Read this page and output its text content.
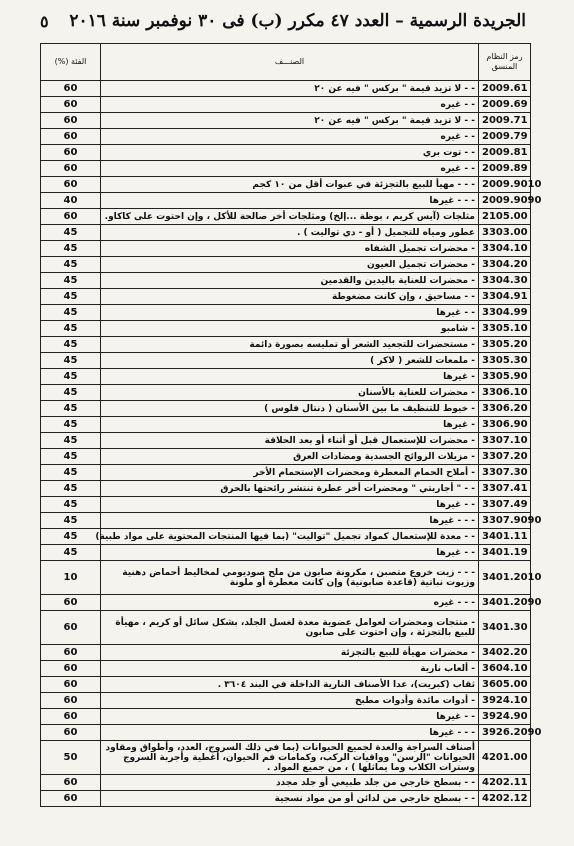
الجريدة الرسمية – العدد ٤٧ مكرر (ب) فى ٣٠ نوفمبر سنة ٢٠١٦
٥
رمز النظام المنسق	الصنـــف	الفئة (%)
2009.61	- - لا تزيد قيمة " بركس " فيه عن ٢٠	60
2009.69	- - غيره	60
2009.71	- - لا تزيد قيمة " بركس " فيه عن ٢٠	60
2009.79	- - غيره	60
2009.81	- - توت بري	60
2009.89	- - غيره	60
2009.9010	- - - مهيأ للبيع بالتجزئة في عبوات أقل من ١٠ كجم	60
2009.9090	- - - غيرها	40
2105.00	مثلجات (آيس كريم ، بوظة ...إلخ) ومثلجات أخر صالحة للأكل ، وإن احتوت على كاكاو.	60
3303.00	عطور ومياه للتجميل ( أو - دي تواليت ) .	45
3304.10	- محضرات تجميل الشفاه	45
3304.20	- محضرات تجميل العيون	45
3304.30	- محضرات للعناية باليدين والقدمين	45
3304.91	- - مساحيق ، وإن كانت مضغوطة	45
3304.99	- - غيرها	45
3305.10	- شامبو	45
3305.20	- مستحضرات للتجعيد الشعر أو تمليسه بصورة دائمة	45
3305.30	- ملمعات للشعر ( لاكر )	45
3305.90	- غيرها	45
3306.10	- محضرات للعناية بالأسنان	45
3306.20	- خيوط للتنظيف ما بين الأسنان ( دنتال فلوس )	45
3306.90	- غيرها	45
3307.10	- محضرات للإستعمال قبل أو أثناء أو بعد الحلاقة	45
3307.20	- مزيلات الروائح الجسدية ومضادات العرق	45
3307.30	- أملاح الحمام المعطرة ومحضرات الإستحمام الأخر	45
3307.41	- - " أجاربتي " ومحضرات أخر عطرة تنتشر رائحتها بالحرق	45
3307.49	- - غيرها	45
3307.9090	- - - غيرها	45
3401.11	- - معدة للإستعمال كمواد تجميل "تواليت" (بما فيها المنتجات المحتوية على مواد طبية)	45
3401.19	- - غيرها	45
3401.2010	- - - زيت خروع متصبن ، مكرونة صابون من ملح صوديومي لمخاليط أحماض دهنية وزيوت نباتية (قاعدة صابونية) وإن كانت معطرة أو ملونة	10
3401.2090	- - - غيره	60
3401.30	- منتجات ومحضرات لعوامل عضوية معدة لغسل الجلد، بشكل سائل أو كريم ، مهيأة للبيع بالتجزئة ، وإن احتوت على صابون	60
3402.20	- محضرات مهيأة للبيع بالتجزئة	60
3604.10	- ألعاب نارية	60
3605.00	ثقاب (كبريت)، عدا الأصناف النارية الداخلة في البند ٣٦٠٤ .	60
3924.10	- أدوات مائدة وأدوات مطبخ	60
3924.90	- - غيرها	60
3926.2090	- - - غيرها	60
4201.00	أصناف السراجة والعدة لجميع الحيوانات (بما في ذلك السروج، العدد، وأطواق ومقاود الحيوانات "الرسن" وواقيات الركب، وكمامات فم الحيوان، أغطية وأجربة السروج وسترات الكلاب وما يماثلها ) ، من جميع المواد .	50
4202.11	- - بسطح خارجي من جلد طبيعي أو جلد مجدد	60
4202.12	- - بسطح خارجي من لدائن أو من مواد نسجية	60
